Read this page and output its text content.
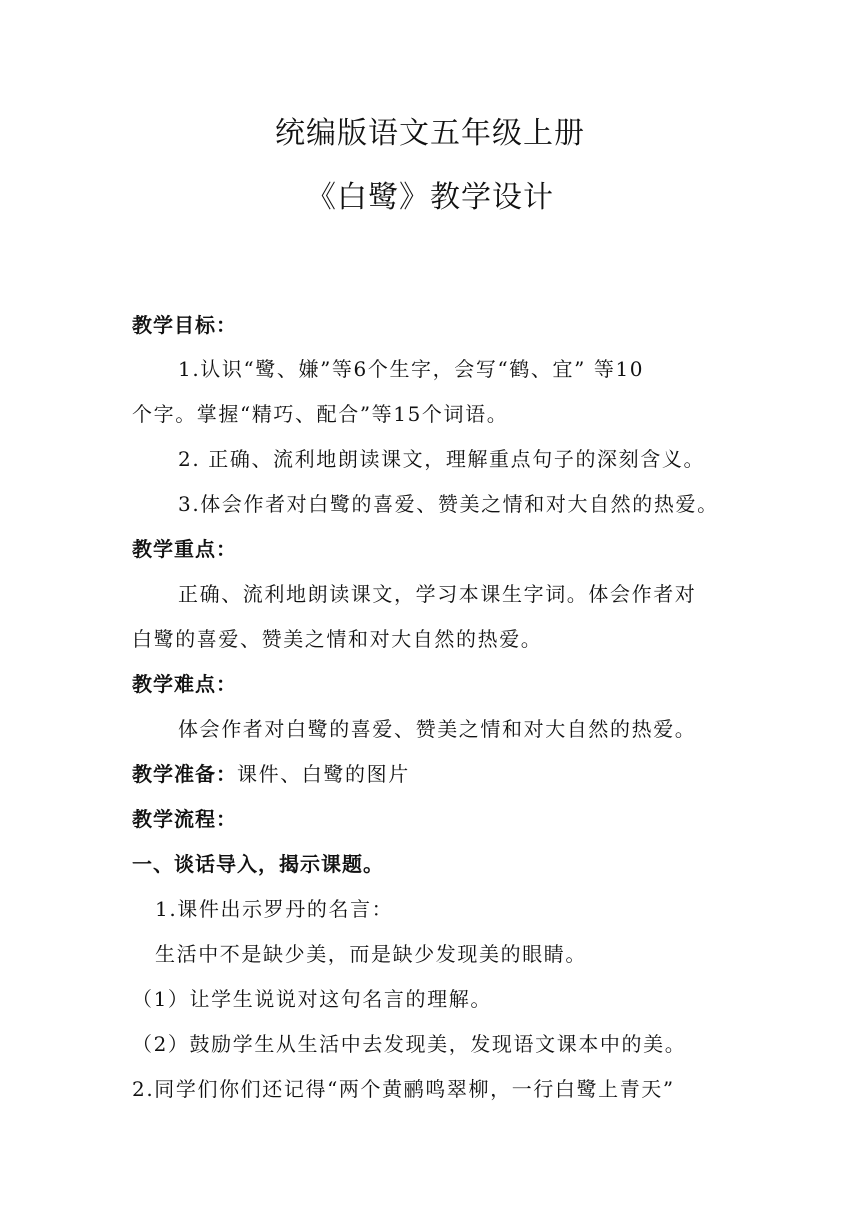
统编版语文五年级上册
《白鹭》教学设计
教学目标：
1.认识“鹭、嫌”等6个生字，会写“鹤、宜” 等10
个字。掌握“精巧、配合”等15个词语。
2. 正确、流利地朗读课文，理解重点句子的深刻含义。
3.体会作者对白鹭的喜爱、赞美之情和对大自然的热爱。
教学重点：
正确、流利地朗读课文，学习本课生字词。体会作者对
白鹭的喜爱、赞美之情和对大自然的热爱。
教学难点：
体会作者对白鹭的喜爱、赞美之情和对大自然的热爱。
教学准备：课件、白鹭的图片
教学流程：
一、谈话导入，揭示课题。
1.课件出示罗丹的名言：
生活中不是缺少美，而是缺少发现美的眼睛。
（1）让学生说说对这句名言的理解。
（2）鼓励学生从生活中去发现美，发现语文课本中的美。
2.同学们你们还记得“两个黄鹂鸣翠柳，一行白鹭上青天”
